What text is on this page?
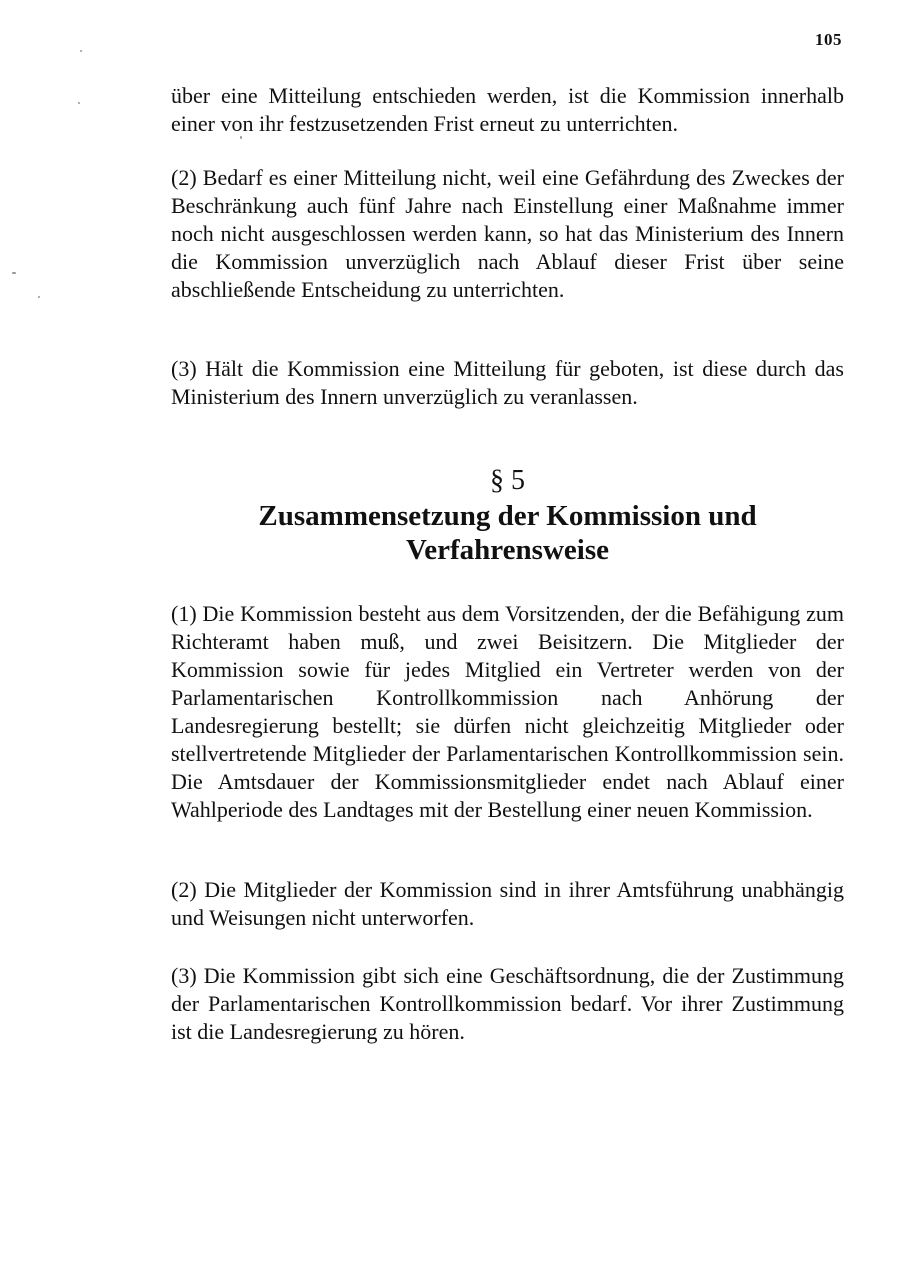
105

über eine Mitteilung entschieden werden, ist die Kommission innerhalb einer von ihr festzusetzenden Frist erneut zu unterrichten.

(2) Bedarf es einer Mitteilung nicht, weil eine Gefährdung des Zweckes der Beschränkung auch fünf Jahre nach Einstellung einer Maßnahme immer noch nicht ausgeschlossen werden kann, so hat das Ministerium des Innern die Kommission unverzüglich nach Ablauf dieser Frist über seine abschließende Entscheidung zu unterrichten.

(3) Hält die Kommission eine Mitteilung für geboten, ist diese durch das Ministerium des Innern unverzüglich zu veranlassen.

§ 5

Zusammensetzung der Kommission und

Verfahrensweise

(1) Die Kommission besteht aus dem Vorsitzenden, der die Befähigung zum Richteramt haben muß, und zwei Beisitzern. Die Mitglieder der Kommission sowie für jedes Mitglied ein Vertreter werden von der Parlamentarischen Kontrollkommission nach Anhörung der Landesregierung bestellt; sie dürfen nicht gleichzeitig Mitglieder oder stellvertretende Mitglieder der Parlamentarischen Kontrollkommission sein. Die Amtsdauer der Kommissionsmitglieder endet nach Ablauf einer Wahlperiode des Landtages mit der Bestellung einer neuen Kommission.

(2) Die Mitglieder der Kommission sind in ihrer Amtsführung unabhängig und Weisungen nicht unterworfen.

(3) Die Kommission gibt sich eine Geschäftsordnung, die der Zustimmung der Parlamentarischen Kontrollkommission bedarf. Vor ihrer Zustimmung ist die Landesregierung zu hören.
